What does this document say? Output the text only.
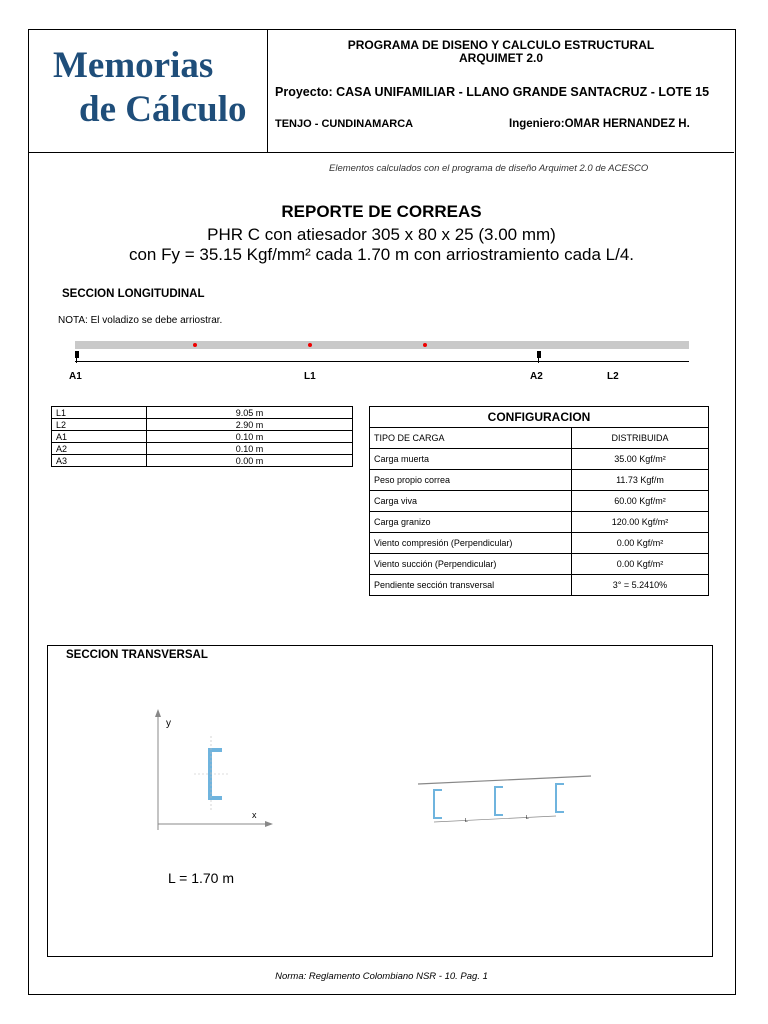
Memorias
de Cálculo
PROGRAMA DE DISENO Y CALCULO ESTRUCTURAL
ARQUIMET 2.0
Proyecto: CASA UNIFAMILIAR - LLANO GRANDE SANTACRUZ - LOTE 15
TENJO - CUNDINAMARCA	Ingeniero:OMAR HERNANDEZ H.
Elementos calculados con el programa de diseño Arquimet 2.0 de ACESCO
REPORTE DE CORREAS
PHR C con atiesador 305 x 80 x 25 (3.00 mm)
con Fy = 35.15 Kgf/mm² cada 1.70 m con arriostramiento cada L/4.
SECCION LONGITUDINAL
NOTA: El voladizo se debe arriostrar.
A1	L1	A2	L2
L1	9.05 m
L2	2.90 m
A1	0.10 m
A2	0.10 m
A3	0.00 m
CONFIGURACION	
TIPO DE CARGA	DISTRIBUIDA
Carga muerta	35.00 Kgf/m²
Peso propio correa	11.73 Kgf/m
Carga viva	60.00 Kgf/m²
Carga granizo	120.00 Kgf/m²
Viento compresión (Perpendicular)	0.00 Kgf/m²
Viento succión (Perpendicular)	0.00 Kgf/m²
Pendiente sección transversal	3° = 5.2410%
SECCION TRANSVERSAL
y
x
L	L
L = 1.70 m
Norma: Reglamento Colombiano NSR - 10. Pag. 1
